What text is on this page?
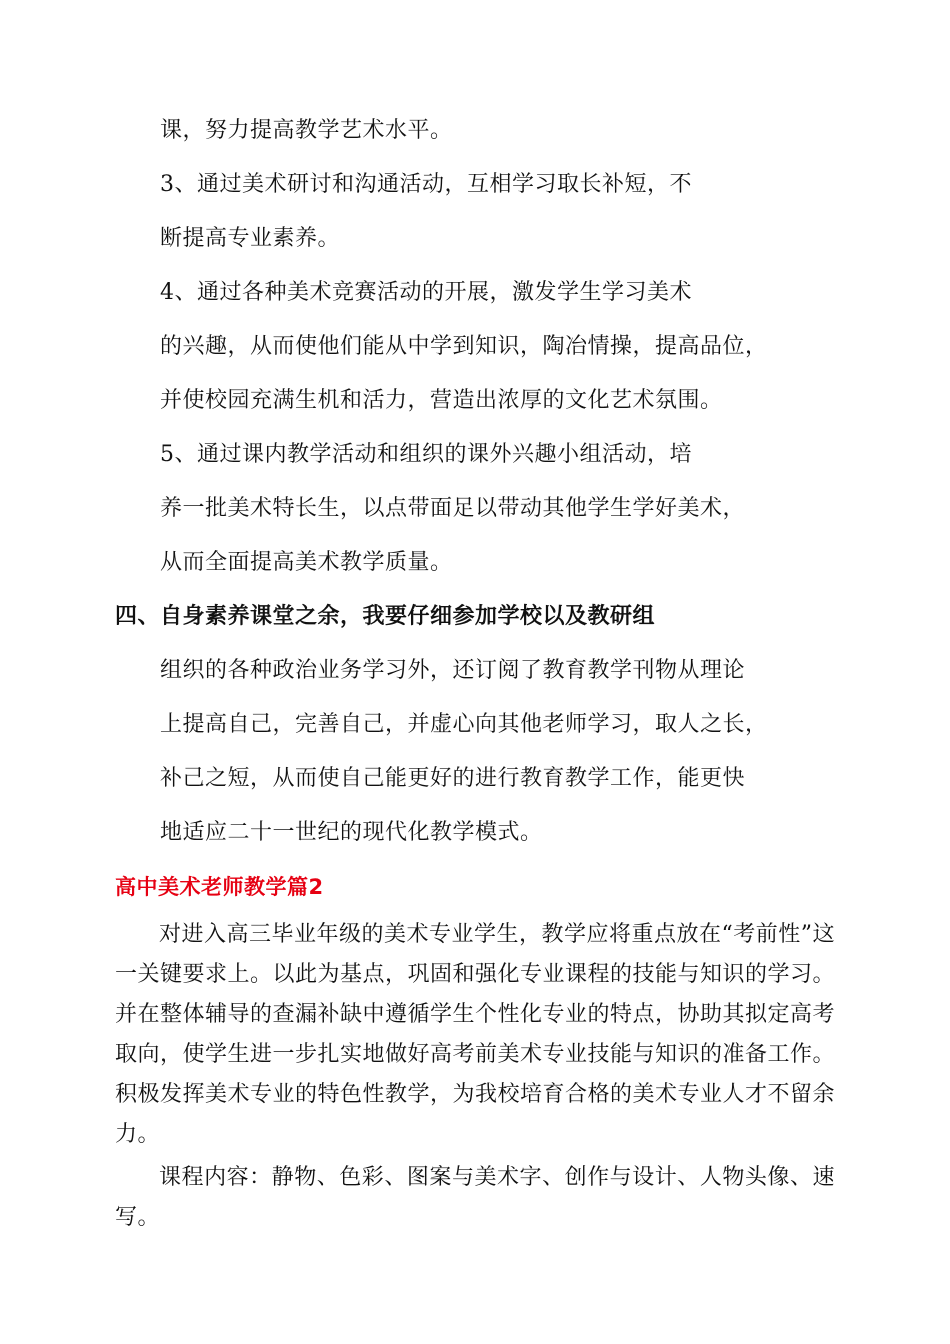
课，努力提高教学艺术水平。
3、通过美术研讨和沟通活动，互相学习取长补短，不
断提高专业素养。
4、通过各种美术竞赛活动的开展，激发学生学习美术
的兴趣，从而使他们能从中学到知识，陶冶情操，提高品位，
并使校园充满生机和活力，营造出浓厚的文化艺术氛围。
5、通过课内教学活动和组织的课外兴趣小组活动，培
养一批美术特长生，以点带面足以带动其他学生学好美术，
从而全面提高美术教学质量。
四、自身素养课堂之余，我要仔细参加学校以及教研组
组织的各种政治业务学习外，还订阅了教育教学刊物从理论
上提高自己，完善自己，并虚心向其他老师学习，取人之长，
补己之短，从而使自己能更好的进行教育教学工作，能更快
地适应二十一世纪的现代化教学模式。
高中美术老师教学篇2

对进入高三毕业年级的美术专业学生，教学应将重点放在“考前性”这一关键要求上。以此为基点，巩固和强化专业课程的技能与知识的学习。并在整体辅导的查漏补缺中遵循学生个性化专业的特点，协助其拟定高考取向，使学生进一步扎实地做好高考前美术专业技能与知识的准备工作。积极发挥美术专业的特色性教学，为我校培育合格的美术专业人才不留余力。

课程内容：静物、色彩、图案与美术字、创作与设计、人物头像、速写。
